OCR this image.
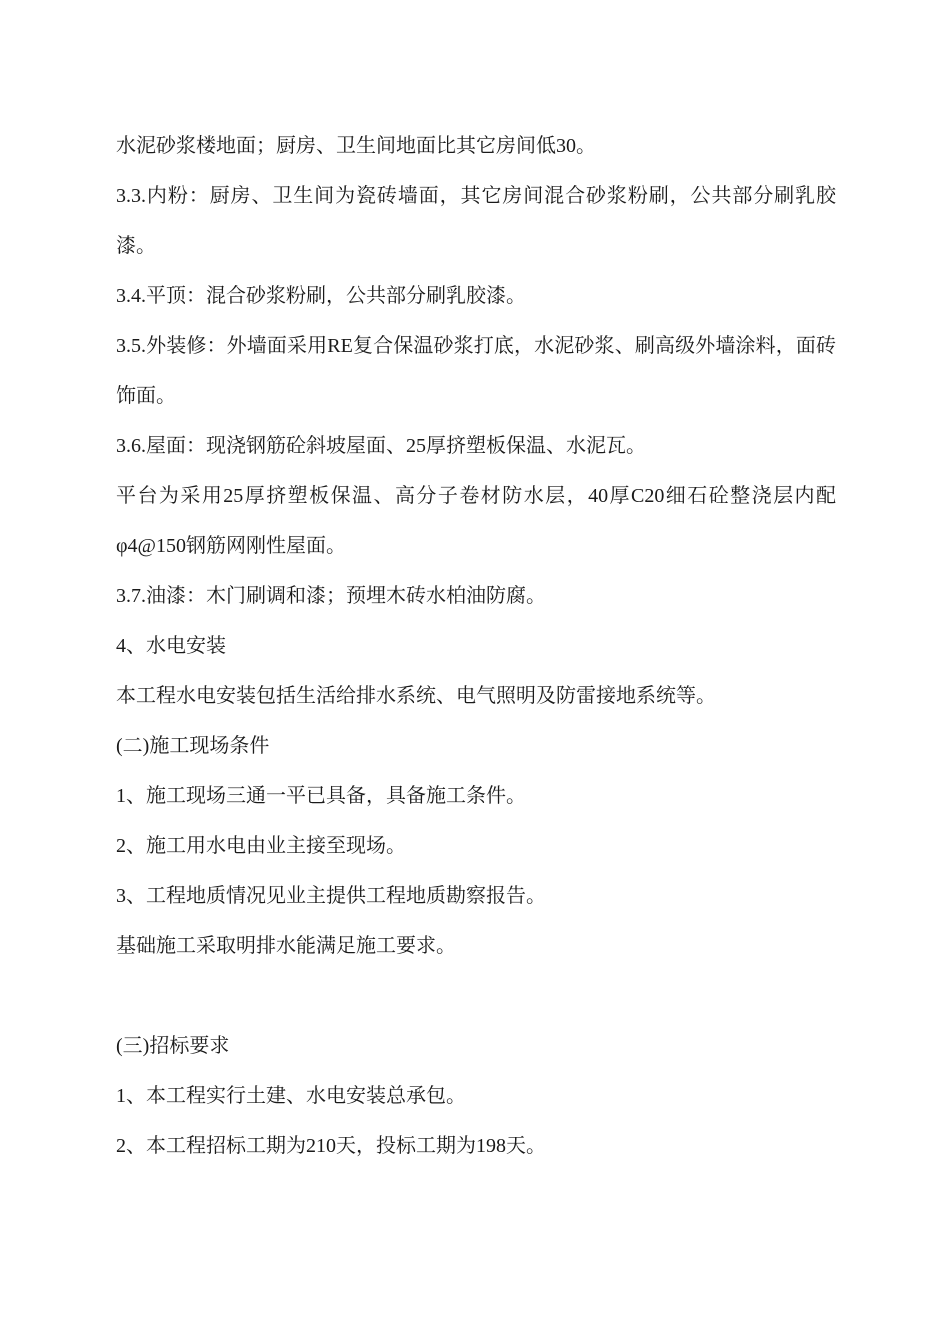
水泥砂浆楼地面；厨房、卫生间地面比其它房间低30。

3.3.内粉：厨房、卫生间为瓷砖墙面，其它房间混合砂浆粉刷，公共部分刷乳胶漆。

3.4.平顶：混合砂浆粉刷，公共部分刷乳胶漆。

3.5.外装修：外墙面采用RE复合保温砂浆打底，水泥砂浆、刷高级外墙涂料，面砖饰面。

3.6.屋面：现浇钢筋砼斜坡屋面、25厚挤塑板保温、水泥瓦。

平台为采用25厚挤塑板保温、高分子卷材防水层，40厚C20细石砼整浇层内配φ4@150钢筋网刚性屋面。

3.7.油漆：木门刷调和漆；预埋木砖水柏油防腐。

4、水电安装

本工程水电安装包括生活给排水系统、电气照明及防雷接地系统等。

(二)施工现场条件

1、施工现场三通一平已具备，具备施工条件。

2、施工用水电由业主接至现场。

3、工程地质情况见业主提供工程地质勘察报告。

基础施工采取明排水能满足施工要求。

(三)招标要求

1、本工程实行土建、水电安装总承包。

2、本工程招标工期为210天，投标工期为198天。
